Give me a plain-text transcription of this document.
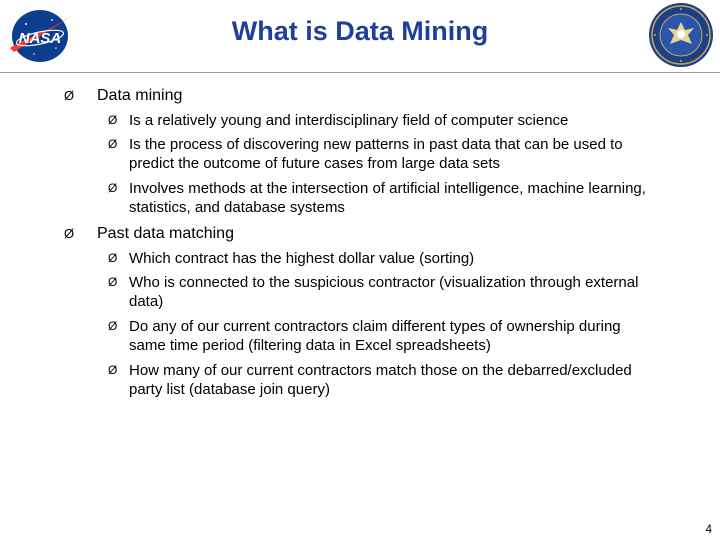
NASA	What is Data Mining
Ø Data mining
Ø Is a relatively young and interdisciplinary field of computer science
Ø Is the process of discovering new patterns in past data that can be used to predict the outcome of future cases from large data sets
Ø Involves methods at the intersection of artificial intelligence, machine learning, statistics, and database systems
Ø Past data matching
Ø Which contract has the highest dollar value (sorting)
Ø Who is connected to the suspicious contractor (visualization through external data)
Ø Do any of our current contractors claim different types of ownership during same time period (filtering data in Excel spreadsheets)
Ø How many of our current contractors match those on the debarred/excluded party list (database join query)
4
